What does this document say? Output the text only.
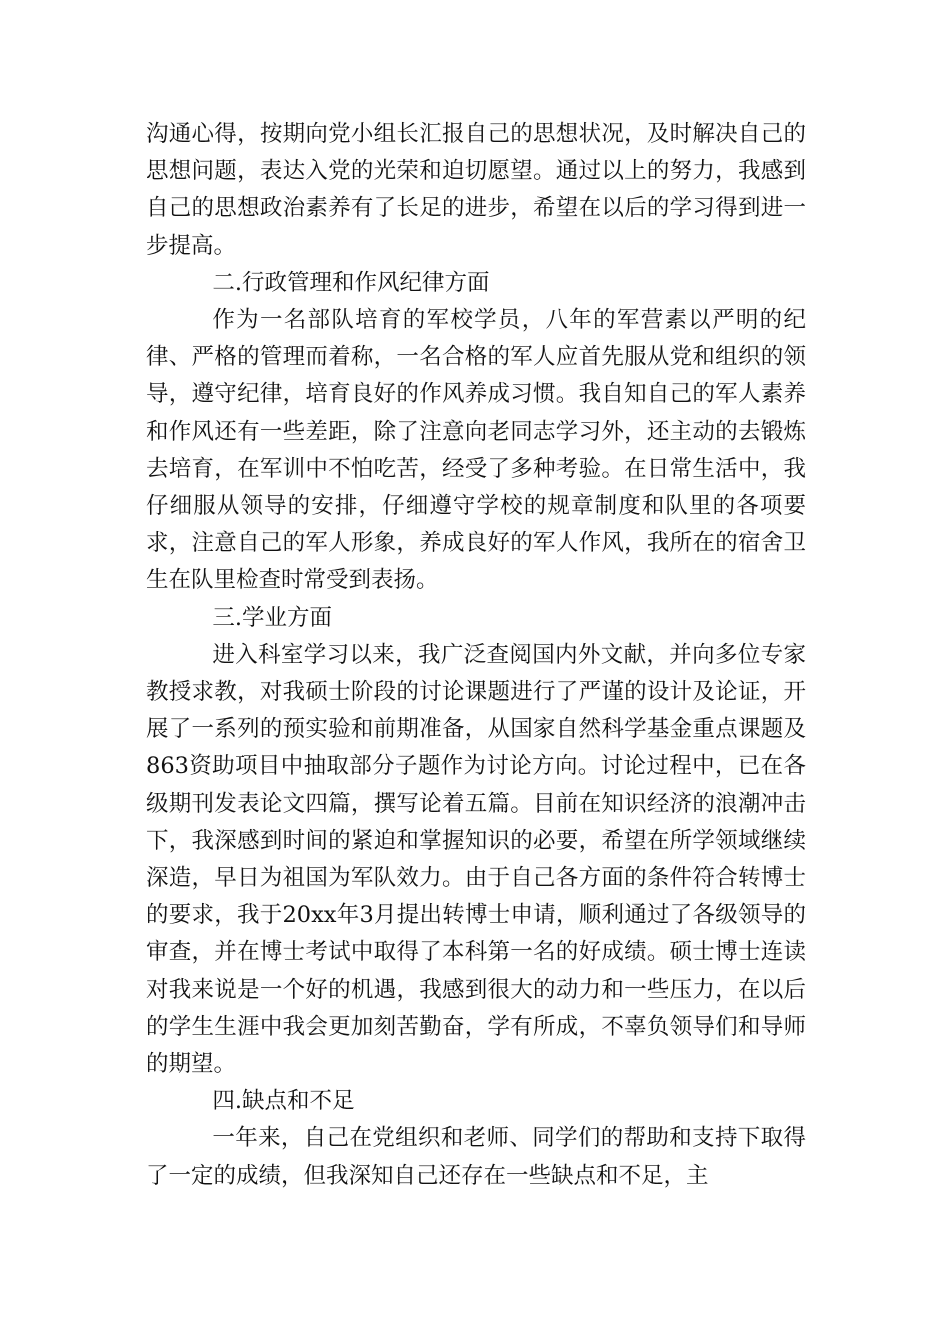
沟通心得，按期向党小组长汇报自己的思想状况，及时解决自己的思想问题，表达入党的光荣和迫切愿望。通过以上的努力，我感到自己的思想政治素养有了长足的进步，希望在以后的学习得到进一步提高。

二.行政管理和作风纪律方面

作为一名部队培育的军校学员，八年的军营素以严明的纪律、严格的管理而着称，一名合格的军人应首先服从党和组织的领导，遵守纪律，培育良好的作风养成习惯。我自知自己的军人素养和作风还有一些差距，除了注意向老同志学习外，还主动的去锻炼去培育，在军训中不怕吃苦，经受了多种考验。在日常生活中，我仔细服从领导的安排，仔细遵守学校的规章制度和队里的各项要求，注意自己的军人形象，养成良好的军人作风，我所在的宿舍卫生在队里检查时常受到表扬。

三.学业方面

进入科室学习以来，我广泛查阅国内外文献，并向多位专家教授求教，对我硕士阶段的讨论课题进行了严谨的设计及论证，开展了一系列的预实验和前期准备，从国家自然科学基金重点课题及863资助项目中抽取部分子题作为讨论方向。讨论过程中，已在各级期刊发表论文四篇，撰写论着五篇。目前在知识经济的浪潮冲击下，我深感到时间的紧迫和掌握知识的必要，希望在所学领域继续深造，早日为祖国为军队效力。由于自己各方面的条件符合转博士的要求，我于20xx年3月提出转博士申请，顺利通过了各级领导的审查，并在博士考试中取得了本科第一名的好成绩。硕士博士连读对我来说是一个好的机遇，我感到很大的动力和一些压力，在以后的学生生涯中我会更加刻苦勤奋，学有所成，不辜负领导们和导师的期望。

四.缺点和不足

一年来，自己在党组织和老师、同学们的帮助和支持下取得了一定的成绩，但我深知自己还存在一些缺点和不足，主
